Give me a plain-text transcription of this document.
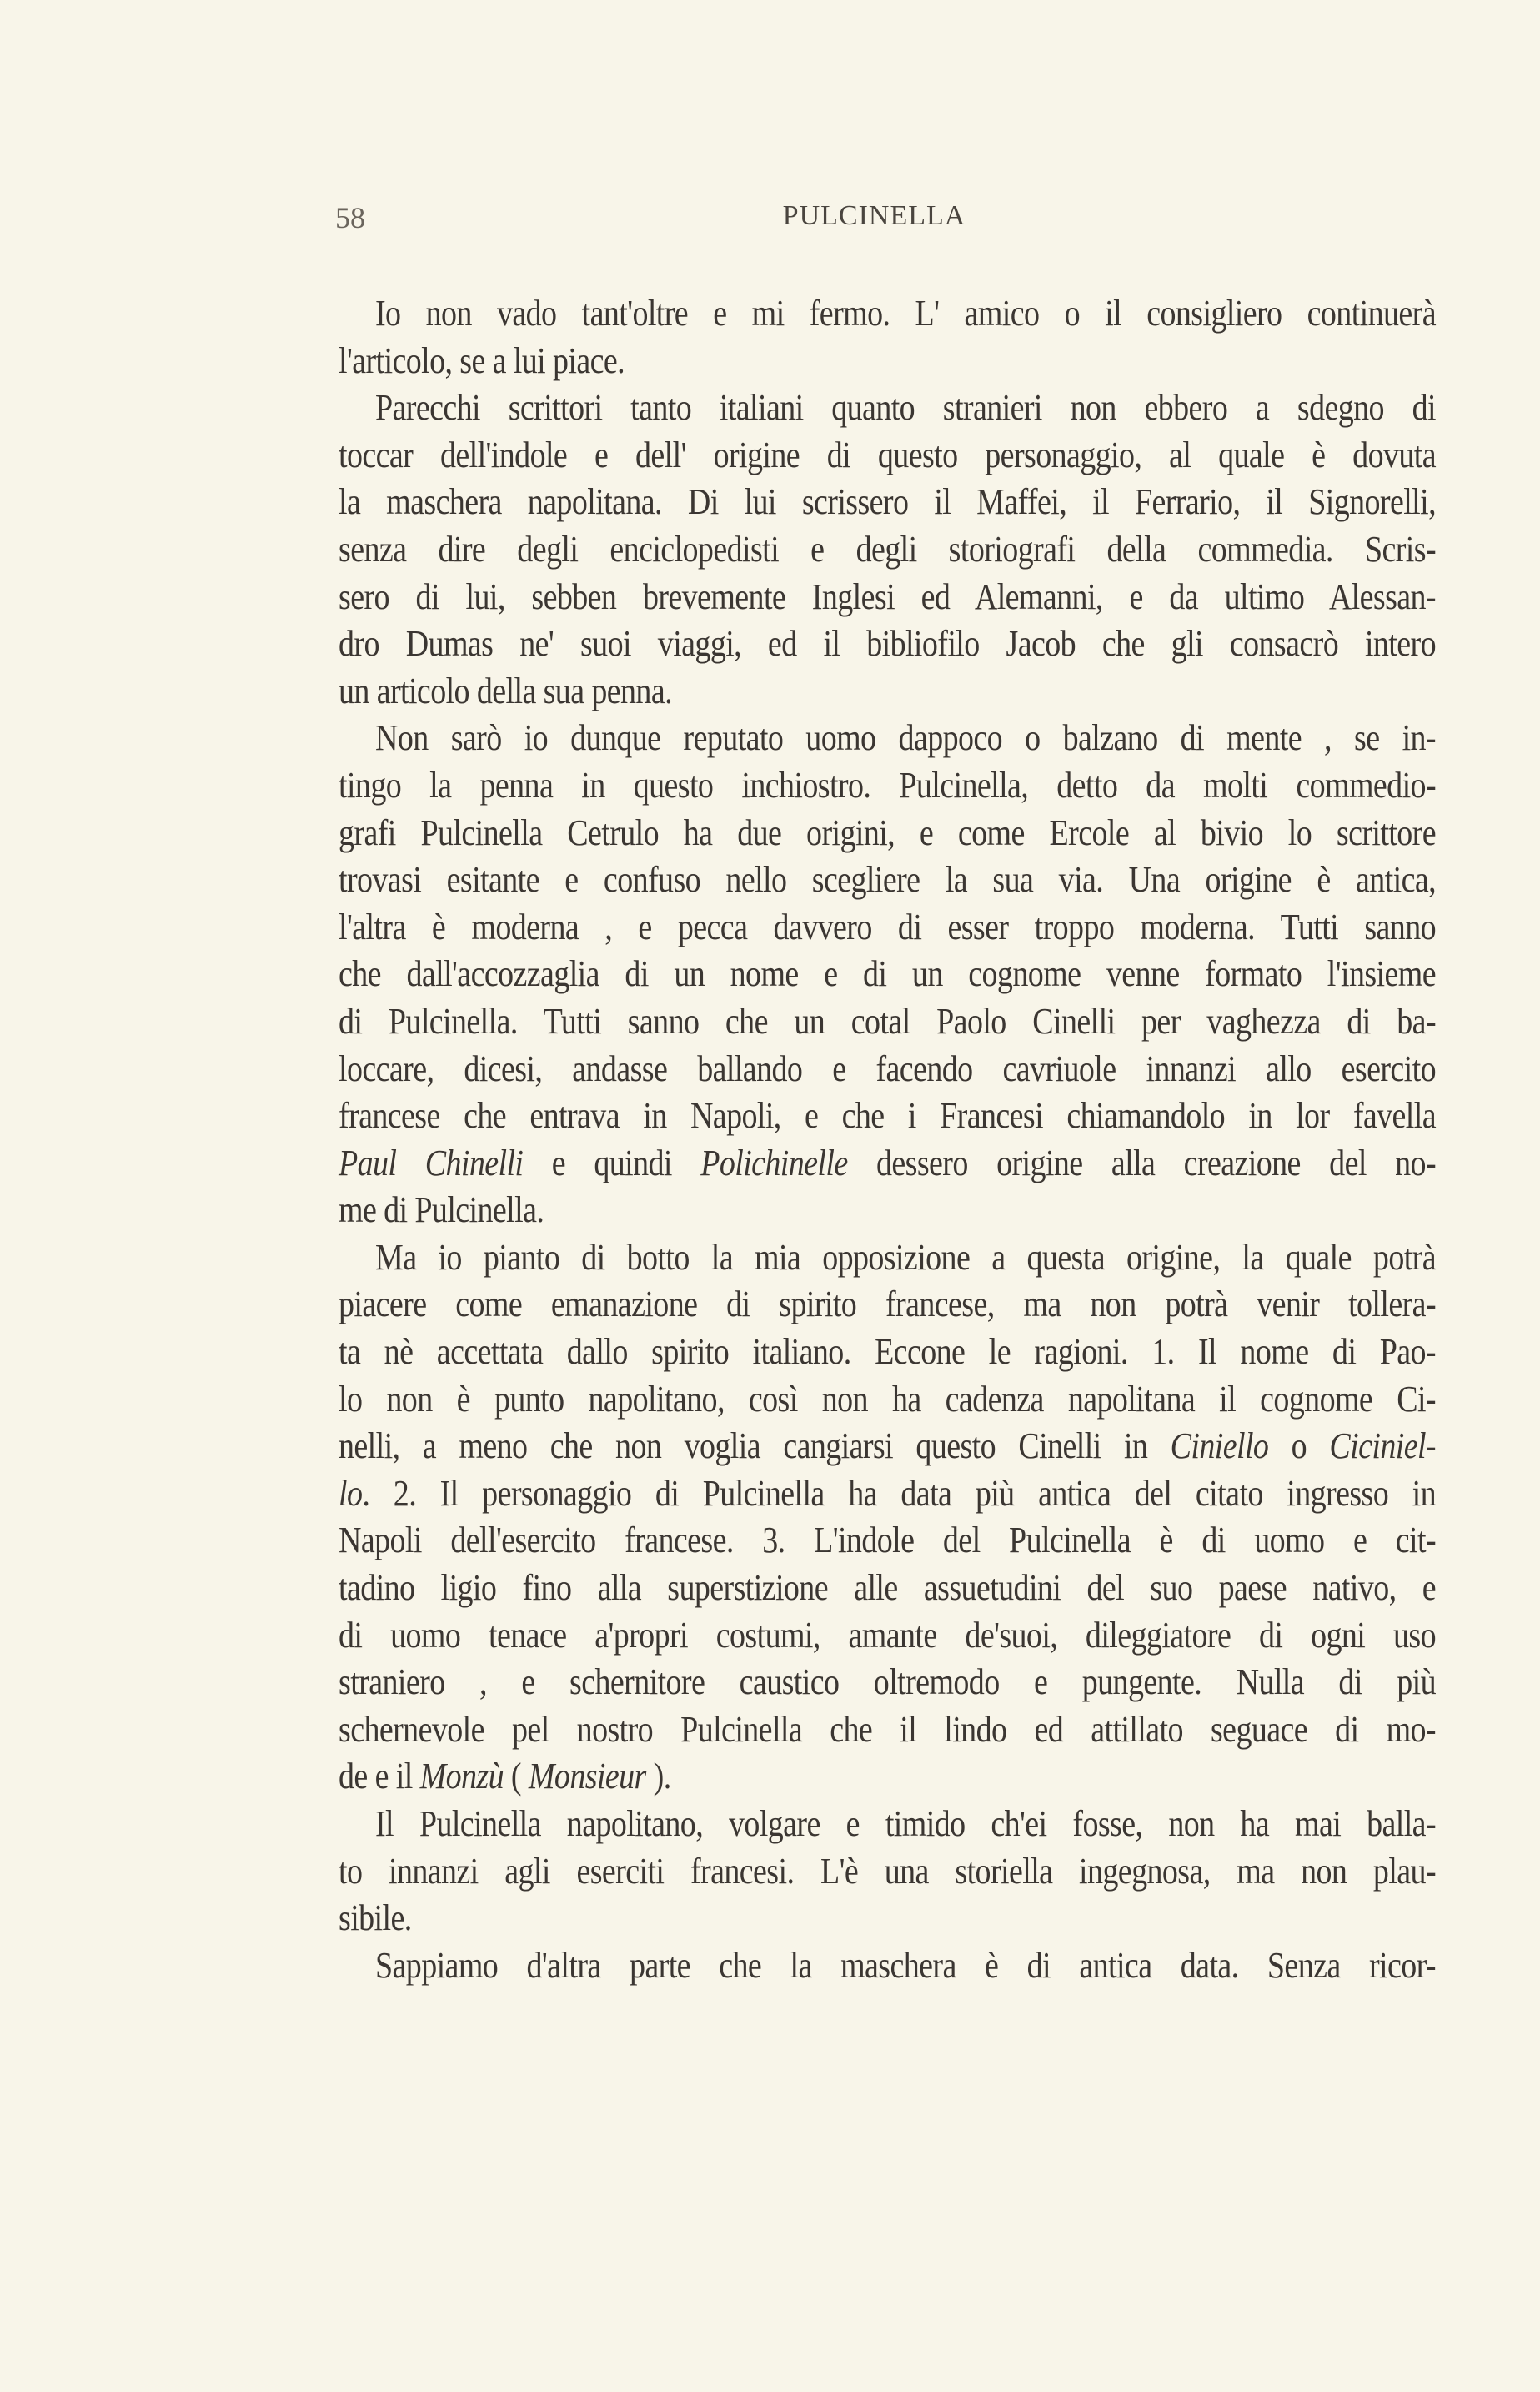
58	PULCINELLA
Io non vado tant'oltre e mi fermo. L' amico o il consigliero continuerà
l'articolo, se a lui piace.
Parecchi scrittori tanto italiani quanto stranieri non ebbero a sdegno di
toccar dell'indole e dell' origine di questo personaggio, al quale è dovuta
la maschera napolitana. Di lui scrissero il Maffei, il Ferrario, il Signorelli,
senza dire degli enciclopedisti e degli storiografi della commedia. Scris-
sero di lui, sebben brevemente Inglesi ed Alemanni, e da ultimo Alessan-
dro Dumas ne' suoi viaggi, ed il bibliofilo Jacob che gli consacrò intero
un articolo della sua penna.
Non sarò io dunque reputato uomo dappoco o balzano di mente , se in-
tingo la penna in questo inchiostro. Pulcinella, detto da molti commedio-
grafi Pulcinella Cetrulo ha due origini, e come Ercole al bivio lo scrittore
trovasi esitante e confuso nello scegliere la sua via. Una origine è antica,
l'altra è moderna , e pecca davvero di esser troppo moderna. Tutti sanno
che dall'accozzaglia di un nome e di un cognome venne formato l'insieme
di Pulcinella. Tutti sanno che un cotal Paolo Cinelli per vaghezza di ba-
loccare, dicesi, andasse ballando e facendo cavriuole innanzi allo esercito
francese che entrava in Napoli, e che i Francesi chiamandolo in lor favella
Paul Chinelli e quindi Polichinelle dessero origine alla creazione del no-
me di Pulcinella.
Ma io pianto di botto la mia opposizione a questa origine, la quale potrà
piacere come emanazione di spirito francese, ma non potrà venir tollera-
ta nè accettata dallo spirito italiano. Eccone le ragioni. 1. Il nome di Pao-
lo non è punto napolitano, così non ha cadenza napolitana il cognome Ci-
nelli, a meno che non voglia cangiarsi questo Cinelli in Ciniello o Ciciniel-
lo. 2. Il personaggio di Pulcinella ha data più antica del citato ingresso in
Napoli dell'esercito francese. 3. L'indole del Pulcinella è di uomo e cit-
tadino ligio fino alla superstizione alle assuetudini del suo paese nativo, e
di uomo tenace a'propri costumi, amante de'suoi, dileggiatore di ogni uso
straniero , e schernitore caustico oltremodo e pungente. Nulla di più
schernevole pel nostro Pulcinella che il lindo ed attillato seguace di mo-
de e il Monzù ( Monsieur ).
Il Pulcinella napolitano, volgare e timido ch'ei fosse, non ha mai balla-
to innanzi agli eserciti francesi. L'è una storiella ingegnosa, ma non plau-
sibile.
Sappiamo d'altra parte che la maschera è di antica data. Senza ricor-
